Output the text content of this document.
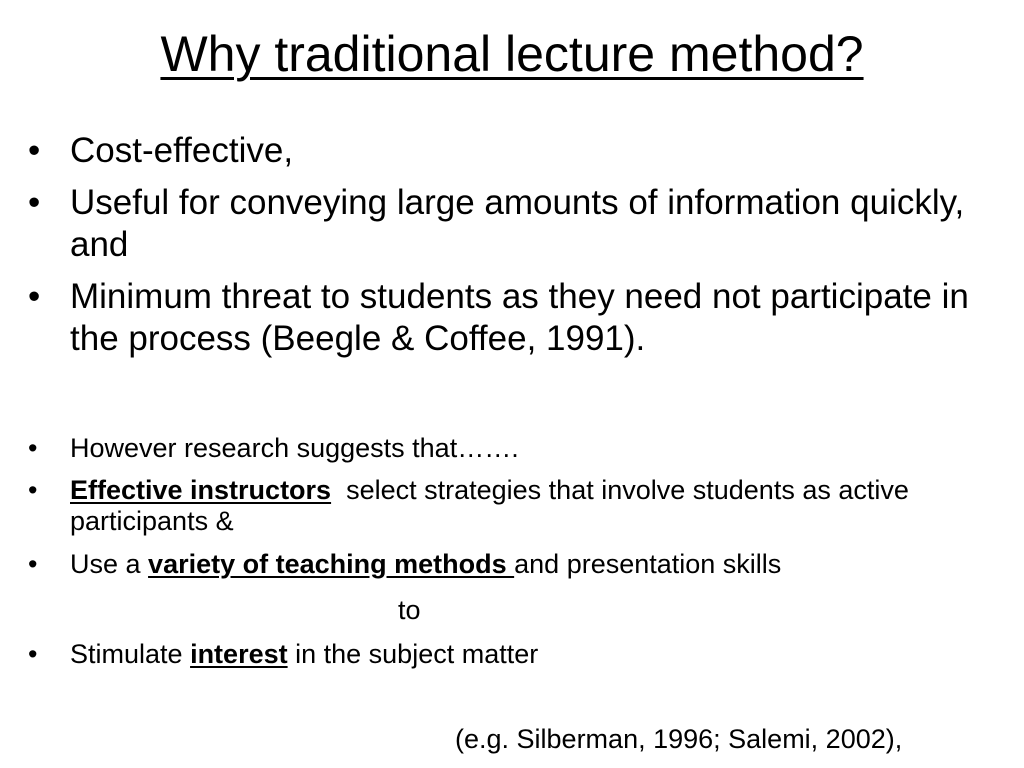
Why traditional lecture method?
• Cost-effective,
• Useful for conveying large amounts of information quickly, and
• Minimum threat to students as they need not participate in the process (Beegle & Coffee, 1991).
• However research suggests that…….
• Effective instructors  select strategies that involve students as active participants &
• Use a variety of teaching methods and presentation skills
to
• Stimulate interest in the subject matter
(e.g. Silberman, 1996; Salemi, 2002),
